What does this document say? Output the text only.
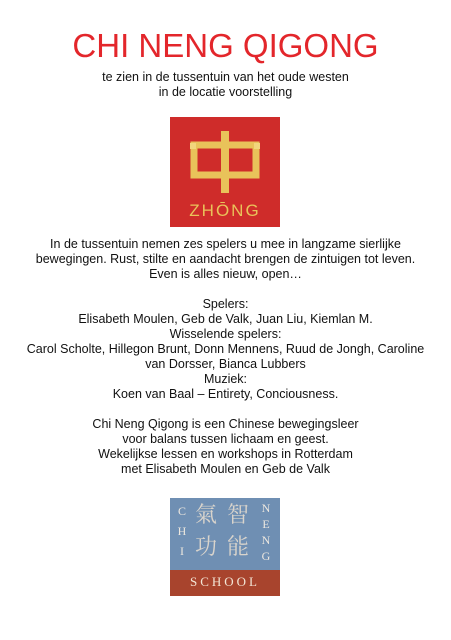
CHI NENG QIGONG
te zien in de tussentuin van het oude westen
in de locatie voorstelling
ZHŌNG

In de tussentuin nemen zes spelers u mee in langzame sierlijke

bewegingen. Rust, stilte en aandacht brengen de zintuigen tot leven.

Even is alles nieuw, open…

Spelers:

Elisabeth Moulen, Geb de Valk, Juan Liu, Kiemlan M.

Wisselende spelers:

Carol Scholte, Hillegon Brunt, Donn Mennens, Ruud de Jongh, Caroline

van Dorsser, Bianca Lubbers

Muziek:

Koen van Baal – Entirety, Conciousness.

Chi Neng Qigong is een Chinese bewegingsleer

voor balans tussen lichaam en geest.

Wekelijkse lessen en workshops in Rotterdam

met Elisabeth Moulen en Geb de Valk

C
H
I
氣 智
功 能
N
E
N
G
SCHOOL
